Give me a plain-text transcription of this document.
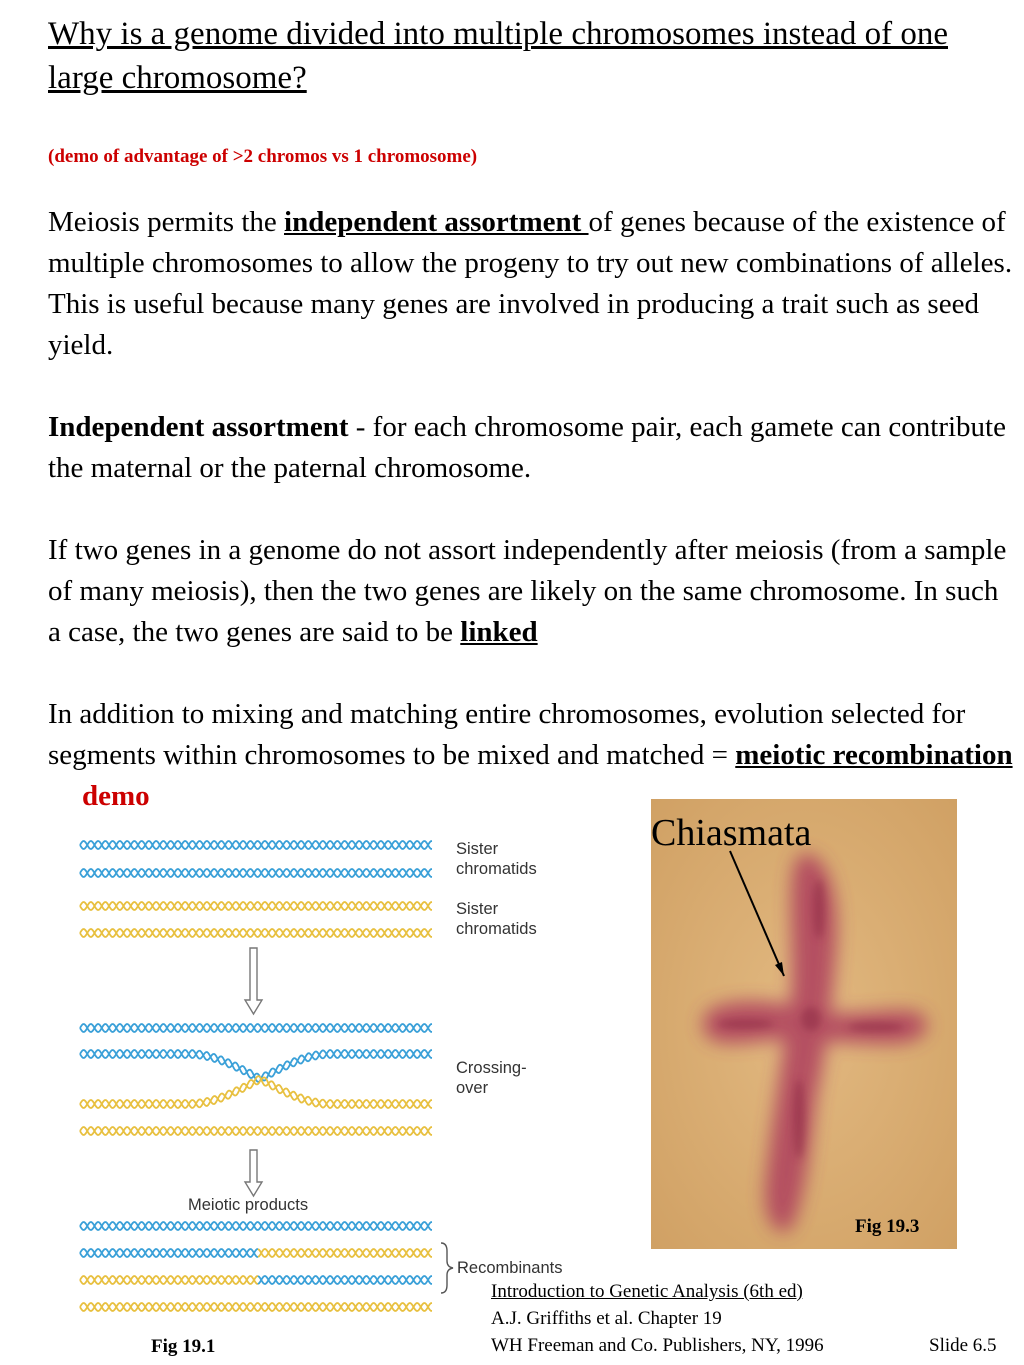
Why is a genome divided into multiple chromosomes instead of one large chromosome?
(demo of advantage of >2 chromos vs 1 chromosome)
Meiosis permits the independent assortment of genes because of the existence of multiple chromosomes to allow the progeny to try out new combinations of alleles. This is useful because many genes are involved in producing a trait such as seed yield.
Independent assortment - for each chromosome pair, each gamete can contribute the maternal or the paternal chromosome.
If two genes in a genome do not assort independently after meiosis (from a sample of many meiosis), then the two genes are likely on the same chromosome. In such a case, the two genes are said to be linked
In addition to mixing and matching entire chromosomes, evolution selected for segments within chromosomes to be mixed and matched = meiotic recombination demo
Sister chromatids
Sister chromatids
Crossing- over
Meiotic products
Recombinants
Fig 19.1
Chiasmata
Fig 19.3
Introduction to Genetic Analysis (6th ed)
A.J. Griffiths et al. Chapter 19
WH Freeman and Co. Publishers, NY, 1996	Slide 6.5
